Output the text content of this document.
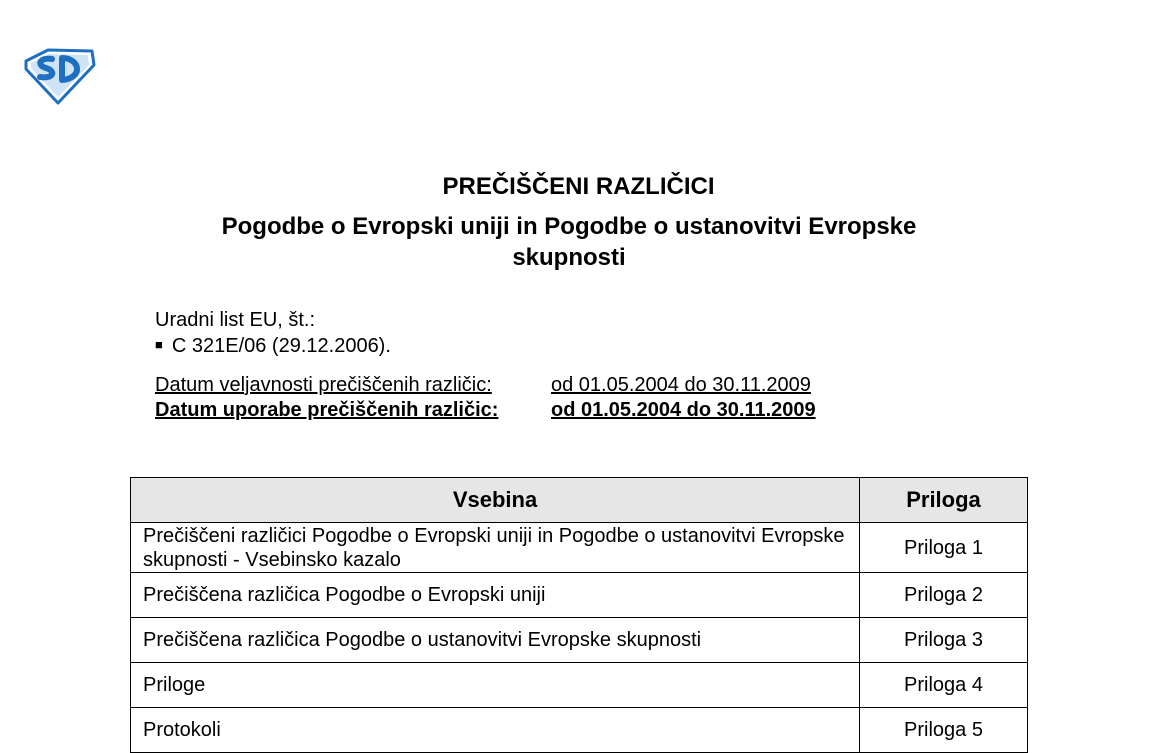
PREČIŠČENI RAZLIČICI
Pogodbe o Evropski uniji in Pogodbe o ustanovitvi Evropske skupnosti
Uradni list EU, št.:
■ C 321E/06 (29.12.2006).
Datum veljavnosti prečiščenih različic:	od 01.05.2004 do 30.11.2009
Datum uporabe prečiščenih različic:	od 01.05.2004 do 30.11.2009
Vsebina	Priloga
Prečiščeni različici Pogodbe o Evropski uniji in Pogodbe o ustanovitvi Evropske skupnosti - Vsebinsko kazalo	Priloga 1
Prečiščena različica Pogodbe o Evropski uniji	Priloga 2
Prečiščena različica Pogodbe o ustanovitvi Evropske skupnosti	Priloga 3
Priloge	Priloga 4
Protokoli	Priloga 5
